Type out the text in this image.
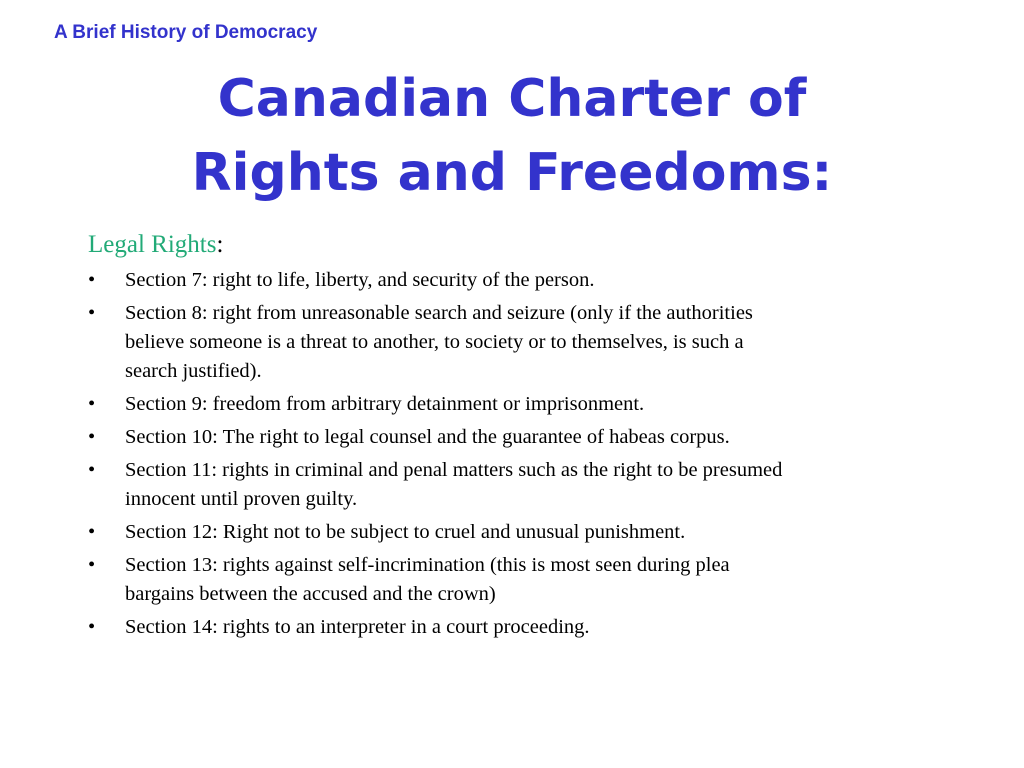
A Brief History of Democracy
Canadian Charter of
Rights and Freedoms:
Legal Rights:
• Section 7: right to life, liberty, and security of the person.
• Section 8: right from unreasonable search and seizure (only if the authorities believe someone is a threat to another, to society or to themselves, is such a search justified).
• Section 9: freedom from arbitrary detainment or imprisonment.
• Section 10: The right to legal counsel and the guarantee of habeas corpus.
• Section 11: rights in criminal and penal matters such as the right to be presumed innocent until proven guilty.
• Section 12: Right not to be subject to cruel and unusual punishment.
• Section 13: rights against self-incrimination (this is most seen during plea bargains between the accused and the crown)
• Section 14: rights to an interpreter in a court proceeding.
